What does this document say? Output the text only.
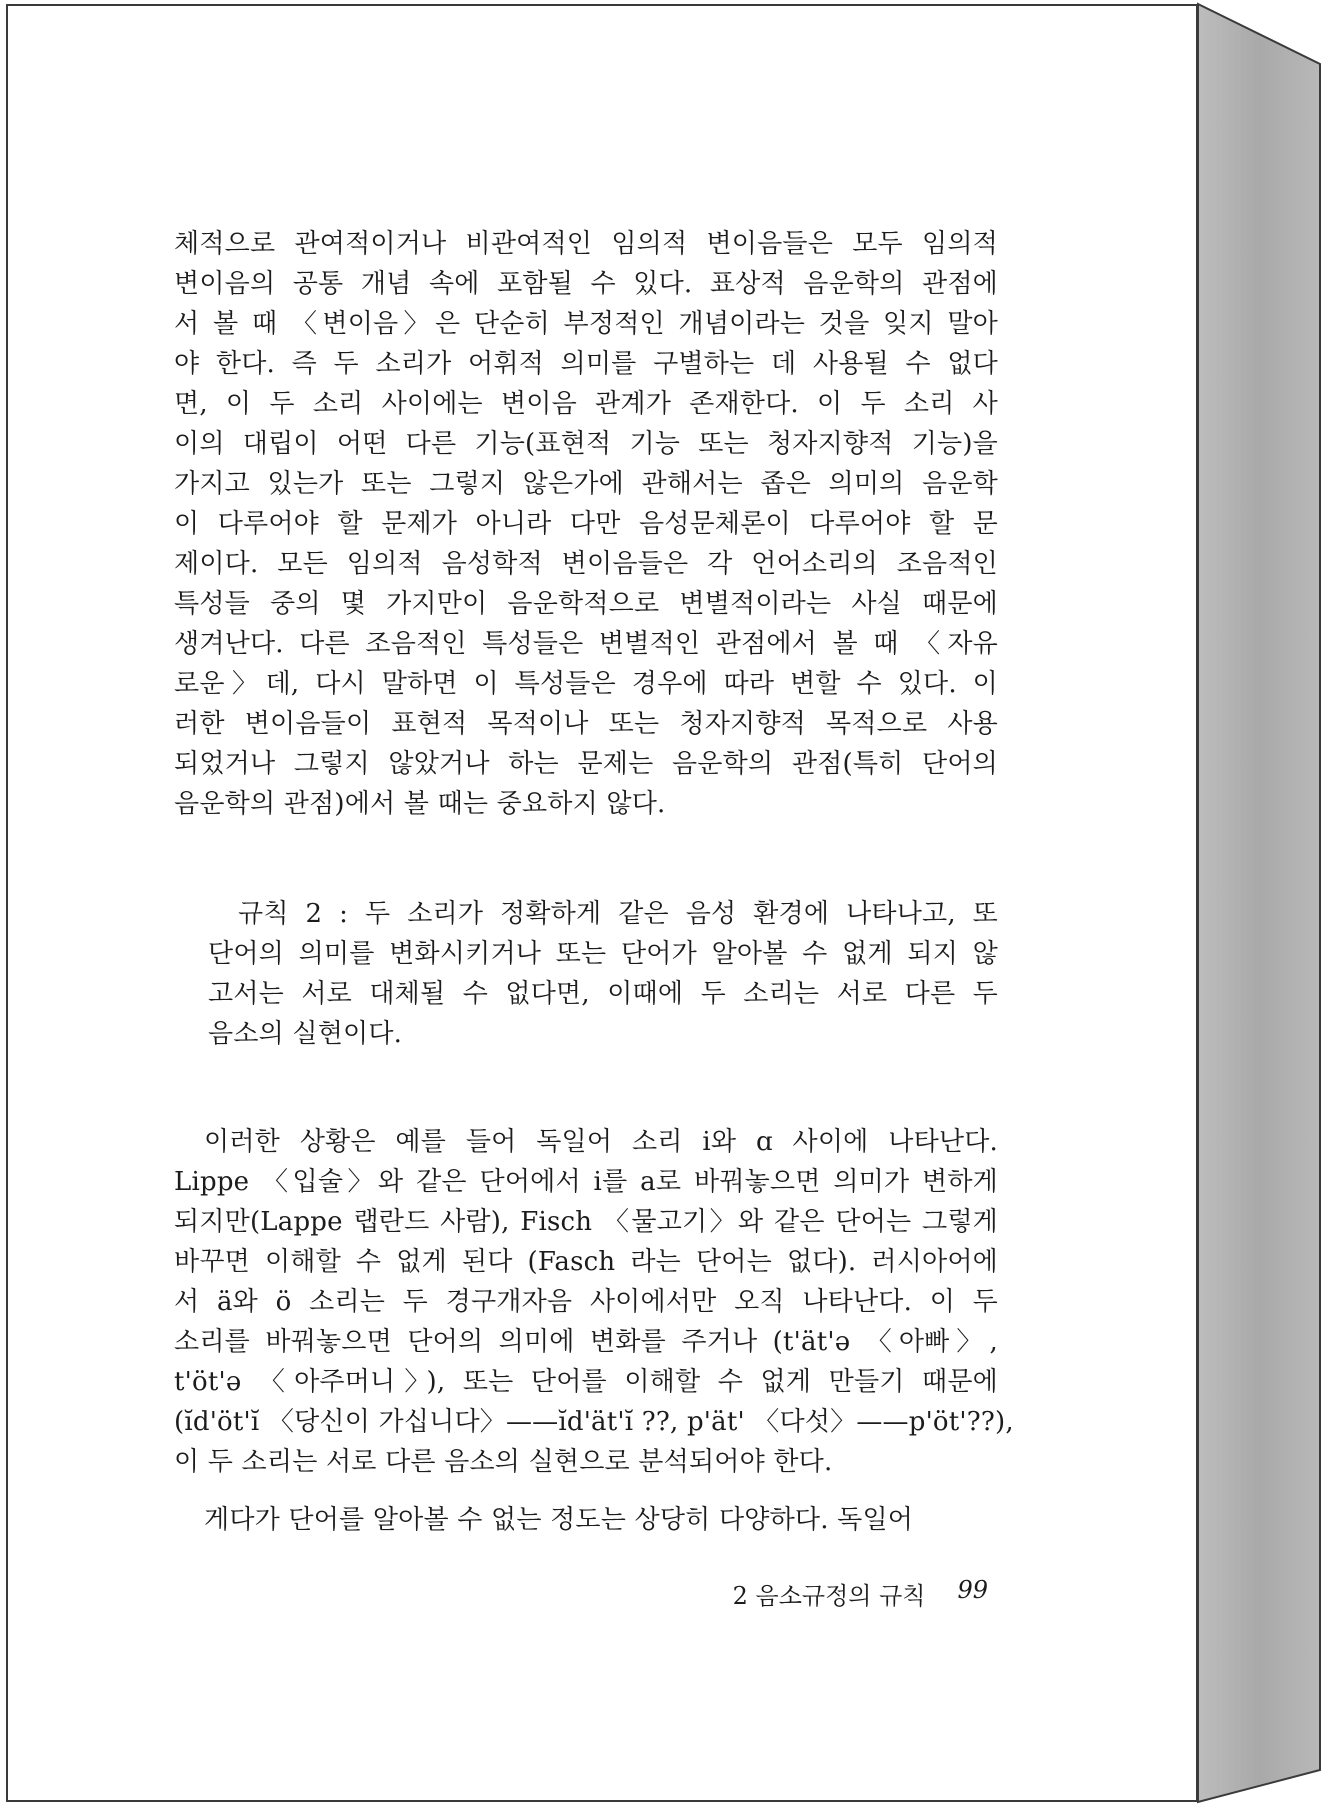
체적으로 관여적이거나 비관여적인 임의적 변이음들은 모두 임의적
변이음의 공통 개념 속에 포함될 수 있다. 표상적 음운학의 관점에
서 볼 때 〈변이음〉은 단순히 부정적인 개념이라는 것을 잊지 말아
야 한다. 즉 두 소리가 어휘적 의미를 구별하는 데 사용될 수 없다
면, 이 두 소리 사이에는 변이음 관계가 존재한다. 이 두 소리 사
이의 대립이 어떤 다른 기능(표현적 기능 또는 청자지향적 기능)을
가지고 있는가 또는 그렇지 않은가에 관해서는 좁은 의미의 음운학
이 다루어야 할 문제가 아니라 다만 음성문체론이 다루어야 할 문
제이다. 모든 임의적 음성학적 변이음들은 각 언어소리의 조음적인
특성들 중의 몇 가지만이 음운학적으로 변별적이라는 사실 때문에
생겨난다. 다른 조음적인 특성들은 변별적인 관점에서 볼 때 〈자유
로운〉데, 다시 말하면 이 특성들은 경우에 따라 변할 수 있다. 이
러한 변이음들이 표현적 목적이나 또는 청자지향적 목적으로 사용
되었거나 그렇지 않았거나 하는 문제는 음운학의 관점(특히 단어의
음운학의 관점)에서 볼 때는 중요하지 않다.
규칙 2 : 두 소리가 정확하게 같은 음성 환경에 나타나고, 또
단어의 의미를 변화시키거나 또는 단어가 알아볼 수 없게 되지 않
고서는 서로 대체될 수 없다면, 이때에 두 소리는 서로 다른 두
음소의 실현이다.
이러한 상황은 예를 들어 독일어 소리 i와 ɑ 사이에 나타난다.
Lippe 〈입술〉와 같은 단어에서 i를 a로 바꿔놓으면 의미가 변하게
되지만(Lappe 랩란드 사람), Fisch 〈물고기〉와 같은 단어는 그렇게
바꾸면 이해할 수 없게 된다 (Fasch 라는 단어는 없다). 러시아어에
서 ä와 ö 소리는 두 경구개자음 사이에서만 오직 나타난다. 이 두
소리를 바꿔놓으면 단어의 의미에 변화를 주거나 (t'ät'ə 〈아빠〉,
t'öt'ə 〈아주머니〉), 또는 단어를 이해할 수 없게 만들기 때문에
(ĭd'öt'ĭ 〈당신이 가십니다〉——ĭd'ät'ĭ ??, p'ät' 〈다섯〉——p'öt'??),
이 두 소리는 서로 다른 음소의 실현으로 분석되어야 한다.
게다가 단어를 알아볼 수 없는 정도는 상당히 다양하다. 독일어
2 음소규정의 규칙 99
